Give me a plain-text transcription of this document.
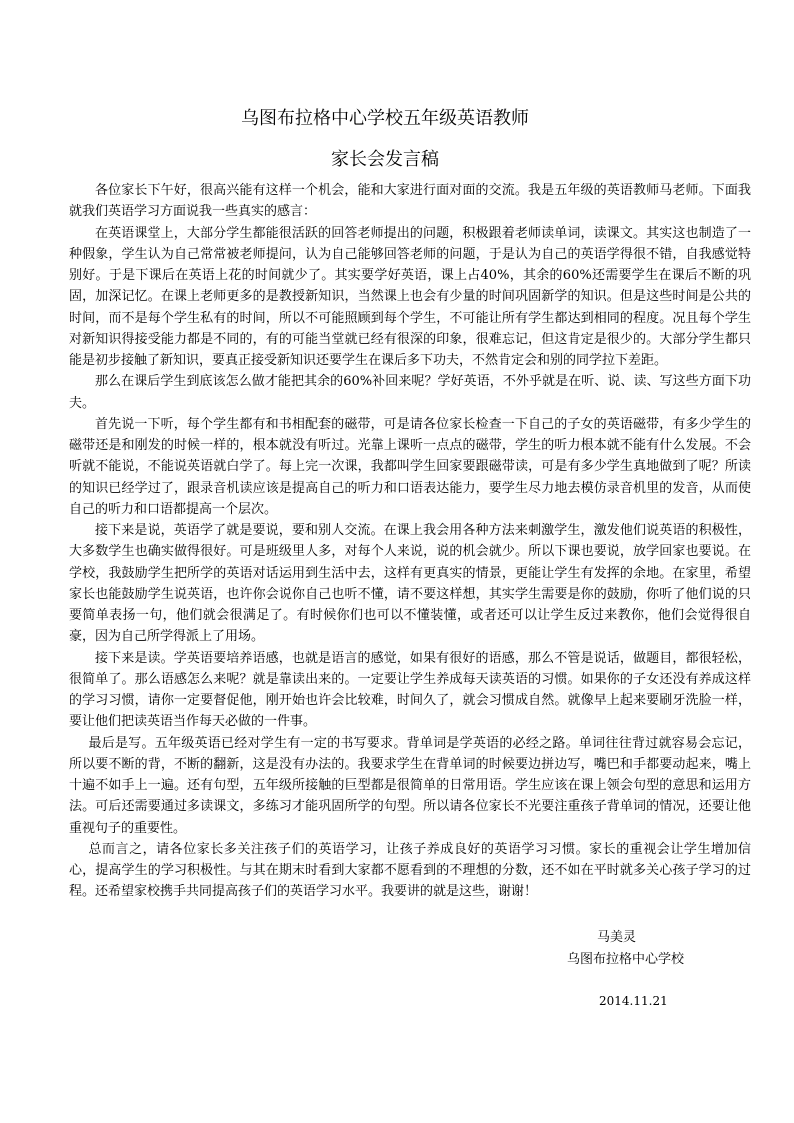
乌图布拉格中心学校五年级英语教师
家长会发言稿

各位家长下午好，很高兴能有这样一个机会，能和大家进行面对面的交流。我是五年级的英语教师马老师。下面我就我们英语学习方面说我一些真实的感言：

在英语课堂上，大部分学生都能很活跃的回答老师提出的问题，积极跟着老师读单词，读课文。其实这也制造了一种假象，学生认为自己常常被老师提问，认为自己能够回答老师的问题，于是认为自己的英语学得很不错，自我感觉特别好。于是下课后在英语上花的时间就少了。其实要学好英语，课上占40%，其余的60%还需要学生在课后不断的巩固，加深记忆。在课上老师更多的是教授新知识，当然课上也会有少量的时间巩固新学的知识。但是这些时间是公共的时间，而不是每个学生私有的时间，所以不可能照顾到每个学生，不可能让所有学生都达到相同的程度。况且每个学生对新知识得接受能力都是不同的，有的可能当堂就已经有很深的印象，很难忘记，但这肯定是很少的。大部分学生都只能是初步接触了新知识，要真正接受新知识还要学生在课后多下功夫，不然肯定会和别的同学拉下差距。

那么在课后学生到底该怎么做才能把其余的60%补回来呢？学好英语，不外乎就是在听、说、读、写这些方面下功夫。

首先说一下听，每个学生都有和书相配套的磁带，可是请各位家长检查一下自己的子女的英语磁带，有多少学生的磁带还是和刚发的时候一样的，根本就没有听过。光靠上课听一点点的磁带，学生的听力根本就不能有什么发展。不会听就不能说，不能说英语就白学了。每上完一次课，我都叫学生回家要跟磁带读，可是有多少学生真地做到了呢？所读的知识已经学过了，跟录音机读应该是提高自己的听力和口语表达能力，要学生尽力地去模仿录音机里的发音，从而使自己的听力和口语都提高一个层次。

接下来是说，英语学了就是要说，要和别人交流。在课上我会用各种方法来刺激学生，激发他们说英语的积极性，大多数学生也确实做得很好。可是班级里人多，对每个人来说，说的机会就少。所以下课也要说，放学回家也要说。在学校，我鼓励学生把所学的英语对话运用到生活中去，这样有更真实的情景，更能让学生有发挥的余地。在家里，希望家长也能鼓励学生说英语，也许你会说你自己也听不懂，请不要这样想，其实学生需要是你的鼓励，你听了他们说的只要简单表扬一句，他们就会很满足了。有时候你们也可以不懂装懂，或者还可以让学生反过来教你，他们会觉得很自豪，因为自己所学得派上了用场。

接下来是读。学英语要培养语感，也就是语言的感觉，如果有很好的语感，那么不管是说话，做题目，都很轻松，很简单了。那么语感怎么来呢？就是靠读出来的。一定要让学生养成每天读英语的习惯。如果你的子女还没有养成这样的学习习惯，请你一定要督促他，刚开始也许会比较难，时间久了，就会习惯成自然。就像早上起来要刷牙洗脸一样，要让他们把读英语当作每天必做的一件事。

最后是写。五年级英语已经对学生有一定的书写要求。背单词是学英语的必经之路。单词往往背过就容易会忘记，所以要不断的背，不断的翻新，这是没有办法的。我要求学生在背单词的时候要边拼边写，嘴巴和手都要动起来，嘴上十遍不如手上一遍。还有句型，五年级所接触的巨型都是很简单的日常用语。学生应该在课上领会句型的意思和运用方法。可后还需要通过多读课文，多练习才能巩固所学的句型。所以请各位家长不光要注重孩子背单词的情况，还要让他重视句子的重要性。

总而言之，请各位家长多关注孩子们的英语学习，让孩子养成良好的英语学习习惯。家长的重视会让学生增加信心，提高学生的学习积极性。与其在期末时看到大家都不愿看到的不理想的分数，还不如在平时就多关心孩子学习的过程。还希望家校携手共同提高孩子们的英语学习水平。我要讲的就是这些，谢谢！

马美灵
乌图布拉格中心学校
2014.11.21
